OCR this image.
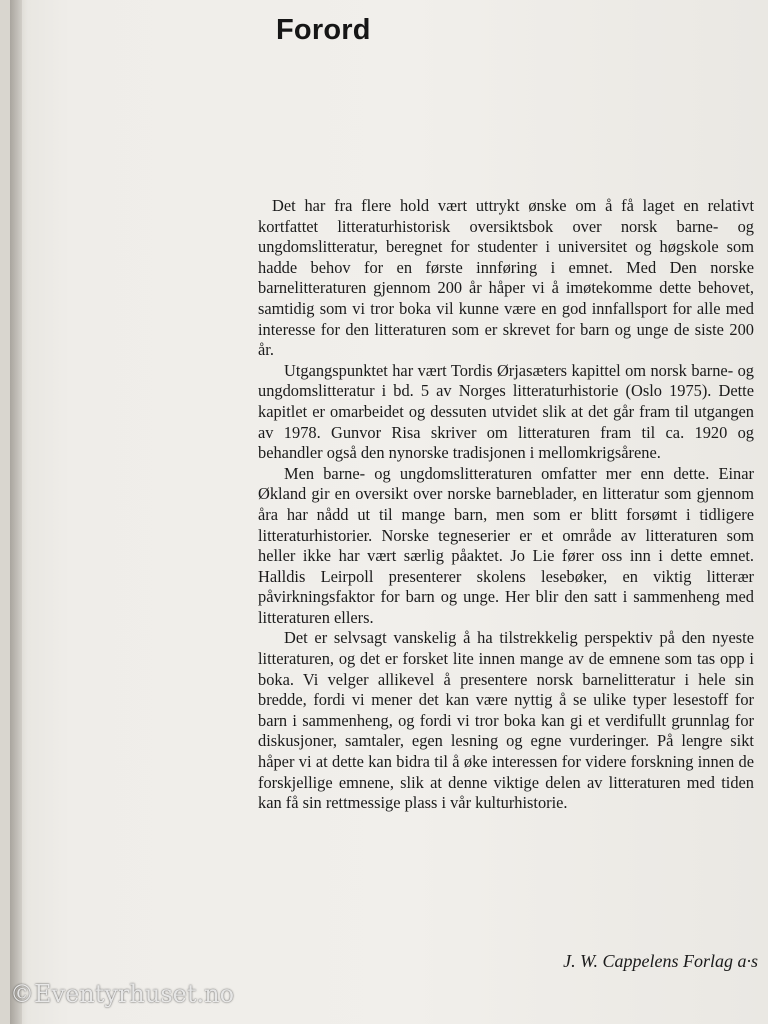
Forord

Det har fra flere hold vært uttrykt ønske om å få laget en relativt kortfattet litteraturhistorisk oversiktsbok over norsk barne- og ungdomslitteratur, beregnet for studenter i universitet og høgskole som hadde behov for en første innføring i emnet. Med Den norske barnelitteraturen gjennom 200 år håper vi å imøtekomme dette behovet, samtidig som vi tror boka vil kunne være en god innfallsport for alle med interesse for den litteraturen som er skrevet for barn og unge de siste 200 år.

Utgangspunktet har vært Tordis Ørjasæters kapittel om norsk barne- og ungdomslitteratur i bd. 5 av Norges litteraturhistorie (Oslo 1975). Dette kapitlet er omarbeidet og dessuten utvidet slik at det går fram til utgangen av 1978. Gunvor Risa skriver om litteraturen fram til ca. 1920 og behandler også den nynorske tradisjonen i mellomkrigsårene.

Men barne- og ungdomslitteraturen omfatter mer enn dette. Einar Økland gir en oversikt over norske barneblader, en litteratur som gjennom åra har nådd ut til mange barn, men som er blitt forsømt i tidligere litteraturhistorier. Norske tegneserier er et område av litteraturen som heller ikke har vært særlig påaktet. Jo Lie fører oss inn i dette emnet. Halldis Leirpoll presenterer skolens lesebøker, en viktig litterær påvirkningsfaktor for barn og unge. Her blir den satt i sammenheng med litteraturen ellers.

Det er selvsagt vanskelig å ha tilstrekkelig perspektiv på den nyeste litteraturen, og det er forsket lite innen mange av de emnene som tas opp i boka. Vi velger allikevel å presentere norsk barnelitteratur i hele sin bredde, fordi vi mener det kan være nyttig å se ulike typer lesestoff for barn i sammenheng, og fordi vi tror boka kan gi et verdifullt grunnlag for diskusjoner, samtaler, egen lesning og egne vurderinger. På lengre sikt håper vi at dette kan bidra til å øke interessen for videre forskning innen de forskjellige emnene, slik at denne viktige delen av litteraturen med tiden kan få sin rettmessige plass i vår kulturhistorie.

J. W. Cappelens Forlag a·s
©Eventyrhuset.no
